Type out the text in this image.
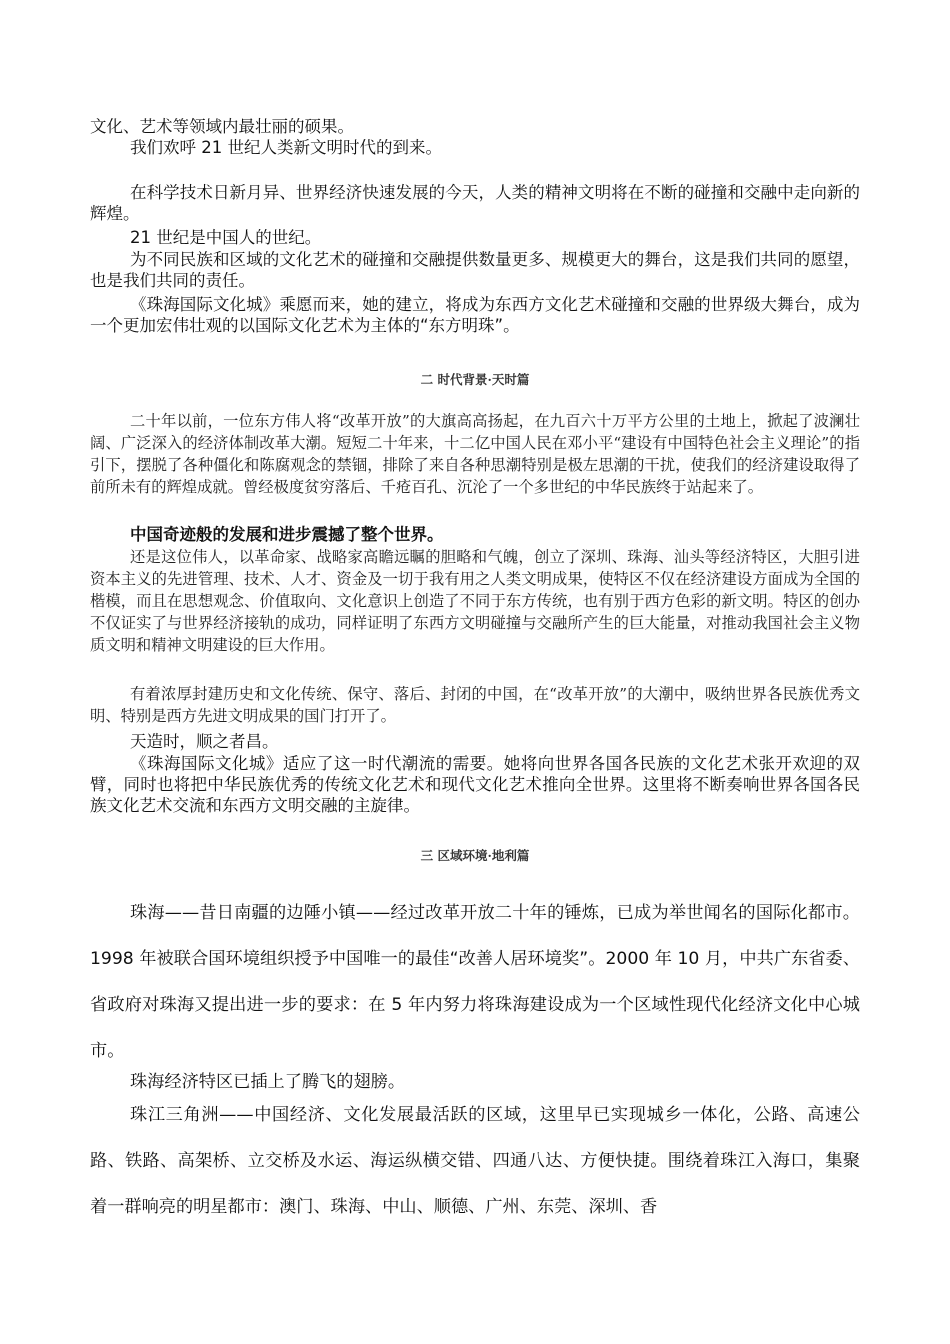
文化、艺术等领域内最壮丽的硕果。

我们欢呼 21 世纪人类新文明时代的到来。

在科学技术日新月异、世界经济快速发展的今天，人类的精神文明将在不断的碰撞和交融中走向新的辉煌。

21 世纪是中国人的世纪。

为不同民族和区域的文化艺术的碰撞和交融提供数量更多、规模更大的舞台，这是我们共同的愿望，也是我们共同的责任。

《珠海国际文化城》乘愿而来，她的建立，将成为东西方文化艺术碰撞和交融的世界级大舞台，成为一个更加宏伟壮观的以国际文化艺术为主体的“东方明珠”。

二 时代背景·天时篇

二十年以前，一位东方伟人将“改革开放”的大旗高高扬起，在九百六十万平方公里的土地上，掀起了波澜壮阔、广泛深入的经济体制改革大潮。短短二十年来，十二亿中国人民在邓小平“建设有中国特色社会主义理论”的指引下，摆脱了各种僵化和陈腐观念的禁锢，排除了来自各种思潮特别是极左思潮的干扰，使我们的经济建设取得了前所未有的辉煌成就。曾经极度贫穷落后、千疮百孔、沉沦了一个多世纪的中华民族终于站起来了。

中国奇迹般的发展和进步震撼了整个世界。

还是这位伟人，以革命家、战略家高瞻远瞩的胆略和气魄，创立了深圳、珠海、汕头等经济特区，大胆引进资本主义的先进管理、技术、人才、资金及一切于我有用之人类文明成果，使特区不仅在经济建设方面成为全国的楷模，而且在思想观念、价值取向、文化意识上创造了不同于东方传统，也有别于西方色彩的新文明。特区的创办不仅证实了与世界经济接轨的成功，同样证明了东西方文明碰撞与交融所产生的巨大能量，对推动我国社会主义物质文明和精神文明建设的巨大作用。

有着浓厚封建历史和文化传统、保守、落后、封闭的中国，在“改革开放”的大潮中，吸纳世界各民族优秀文明、特别是西方先进文明成果的国门打开了。

天造时，顺之者昌。

《珠海国际文化城》适应了这一时代潮流的需要。她将向世界各国各民族的文化艺术张开欢迎的双臂，同时也将把中华民族优秀的传统文化艺术和现代文化艺术推向全世界。这里将不断奏响世界各国各民族文化艺术交流和东西方文明交融的主旋律。

三 区域环境·地利篇

珠海——昔日南疆的边陲小镇——经过改革开放二十年的锤炼，已成为举世闻名的国际化都市。1998 年被联合国环境组织授予中国唯一的最佳“改善人居环境奖”。2000 年 10 月，中共广东省委、省政府对珠海又提出进一步的要求：在 5 年内努力将珠海建设成为一个区域性现代化经济文化中心城市。

珠海经济特区已插上了腾飞的翅膀。

珠江三角洲——中国经济、文化发展最活跃的区域，这里早已实现城乡一体化，公路、高速公路、铁路、高架桥、立交桥及水运、海运纵横交错、四通八达、方便快捷。围绕着珠江入海口，集聚着一群响亮的明星都市：澳门、珠海、中山、顺德、广州、东莞、深圳、香
